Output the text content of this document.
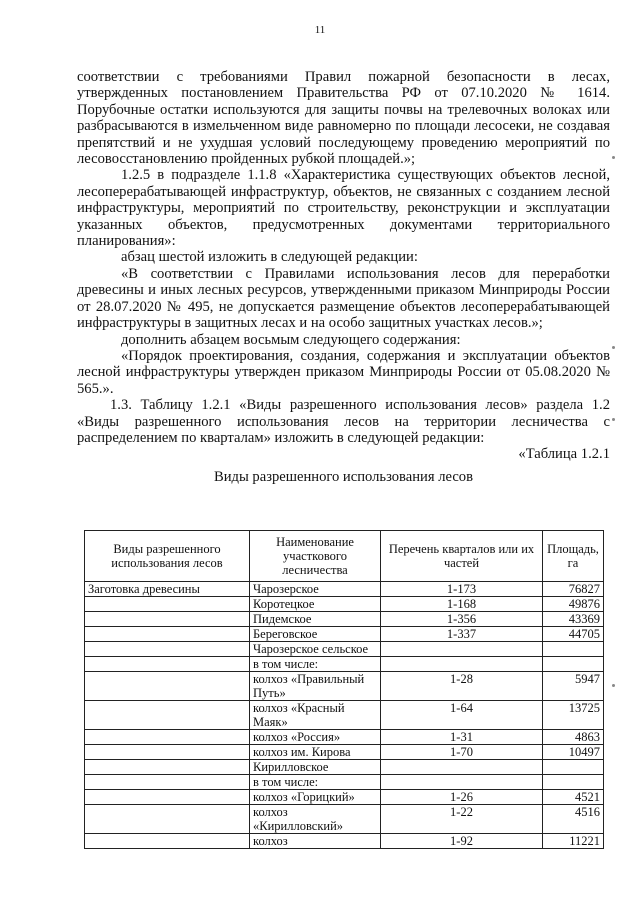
11

соответствии с требованиями Правил пожарной безопасности в лесах, утвержденных постановлением Правительства РФ от 07.10.2020 № 1614. Порубочные остатки используются для защиты почвы на трелевочных волоках или разбрасываются в измельченном виде равномерно по площади лесосеки, не создавая препятствий и не ухудшая условий последующему проведению мероприятий по лесовосстановлению пройденных рубкой площадей.»;

1.2.5 в подразделе 1.1.8 «Характеристика существующих объектов лесной, лесоперерабатывающей инфраструктур, объектов, не связанных с созданием лесной инфраструктуры, мероприятий по строительству, реконструкции и эксплуатации указанных объектов, предусмотренных документами территориального планирования»:

абзац шестой изложить в следующей редакции:

«В соответствии с Правилами использования лесов для переработки древесины и иных лесных ресурсов, утвержденными приказом Минприроды России от 28.07.2020 № 495, не допускается размещение объектов лесоперерабатывающей инфраструктуры в защитных лесах и на особо защитных участках лесов.»;

дополнить абзацем восьмым следующего содержания:

«Порядок проектирования, создания, содержания и эксплуатации объектов лесной инфраструктуры утвержден приказом Минприроды России от 05.08.2020 № 565.».

1.3. Таблицу 1.2.1 «Виды разрешенного использования лесов» раздела 1.2 «Виды разрешенного использования лесов на территории лесничества с распределением по кварталам» изложить в следующей редакции:

«Таблица 1.2.1

Виды разрешенного использования лесов

Виды разрешенного использования лесов	Наименование участкового лесничества	Перечень кварталов или их частей	Площадь, га
Заготовка древесины	Чарозерское	1-173	76827
	Коротецкое	1-168	49876
	Пидемское	1-356	43369
	Береговское	1-337	44705
	Чарозерское сельское		
	в том числе:		
	колхоз «Правильный Путь»	1-28	5947
	колхоз «Красный Маяк»	1-64	13725
	колхоз «Россия»	1-31	4863
	колхоз им. Кирова	1-70	10497
	Кирилловское		
	в том числе:		
	колхоз «Горицкий»	1-26	4521
	колхоз «Кирилловский»	1-22	4516
	колхоз	1-92	11221
